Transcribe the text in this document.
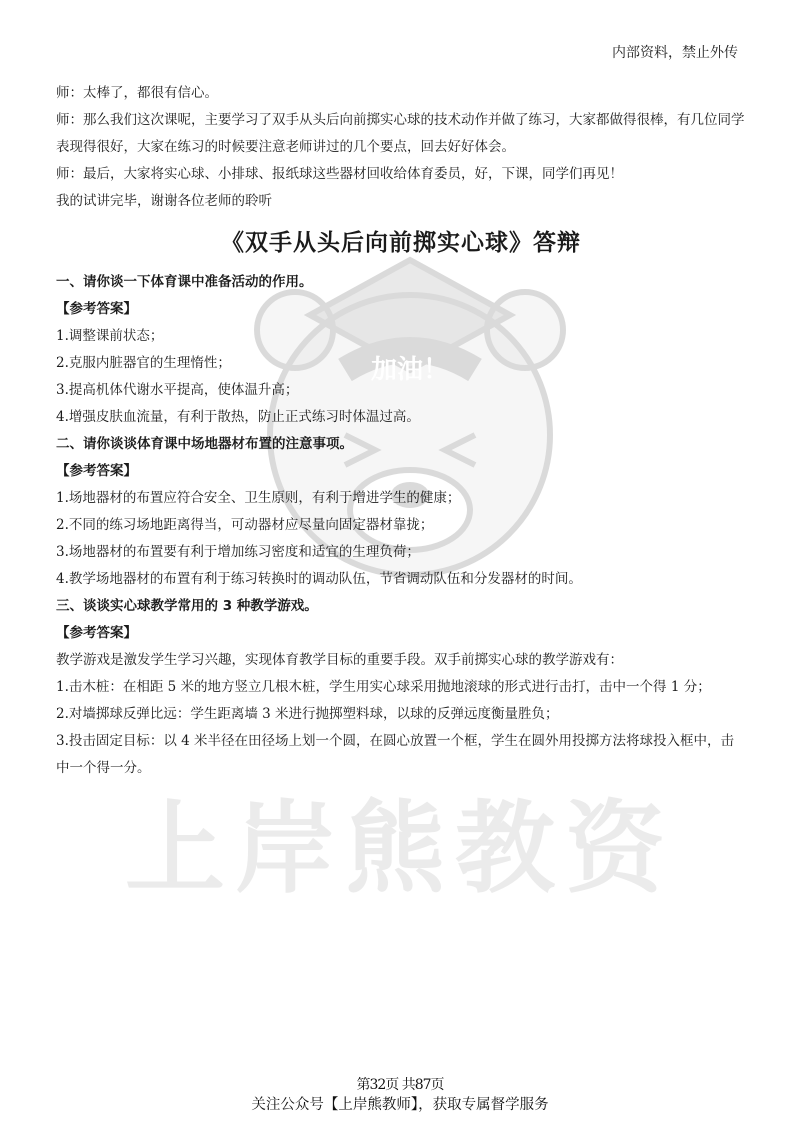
加油！
上岸熊教资
内部资料，禁止外传

师：太棒了，都很有信心。

师：那么我们这次课呢，主要学习了双手从头后向前掷实心球的技术动作并做了练习，大家都做得很棒，有几位同学表现得很好，大家在练习的时候要注意老师讲过的几个要点，回去好好体会。

师：最后，大家将实心球、小排球、报纸球这些器材回收给体育委员，好，下课，同学们再见！

我的试讲完毕，谢谢各位老师的聆听

《双手从头后向前掷实心球》答辩

一、请你谈一下体育课中准备活动的作用。

【参考答案】

1.调整课前状态；

2.克服内脏器官的生理惰性；

3.提高机体代谢水平提高，使体温升高；

4.增强皮肤血流量，有利于散热，防止正式练习时体温过高。

二、请你谈谈体育课中场地器材布置的注意事项。

【参考答案】

1.场地器材的布置应符合安全、卫生原则，有利于增进学生的健康；

2.不同的练习场地距离得当，可动器材应尽量向固定器材靠拢；

3.场地器材的布置要有利于增加练习密度和适宜的生理负荷；

4.教学场地器材的布置有利于练习转换时的调动队伍，节省调动队伍和分发器材的时间。

三、谈谈实心球教学常用的 3 种教学游戏。

【参考答案】

教学游戏是激发学生学习兴趣，实现体育教学目标的重要手段。双手前掷实心球的教学游戏有：

1.击木桩：在相距 5 米的地方竖立几根木桩，学生用实心球采用抛地滚球的形式进行击打，击中一个得 1 分；

2.对墙掷球反弹比远：学生距离墙 3 米进行抛掷塑料球，以球的反弹远度衡量胜负；

3.投击固定目标：以 4 米半径在田径场上划一个圆，在圆心放置一个框，学生在圆外用投掷方法将球投入框中，击中一个得一分。

第32页 共87页
关注公众号【上岸熊教师】，获取专属督学服务
